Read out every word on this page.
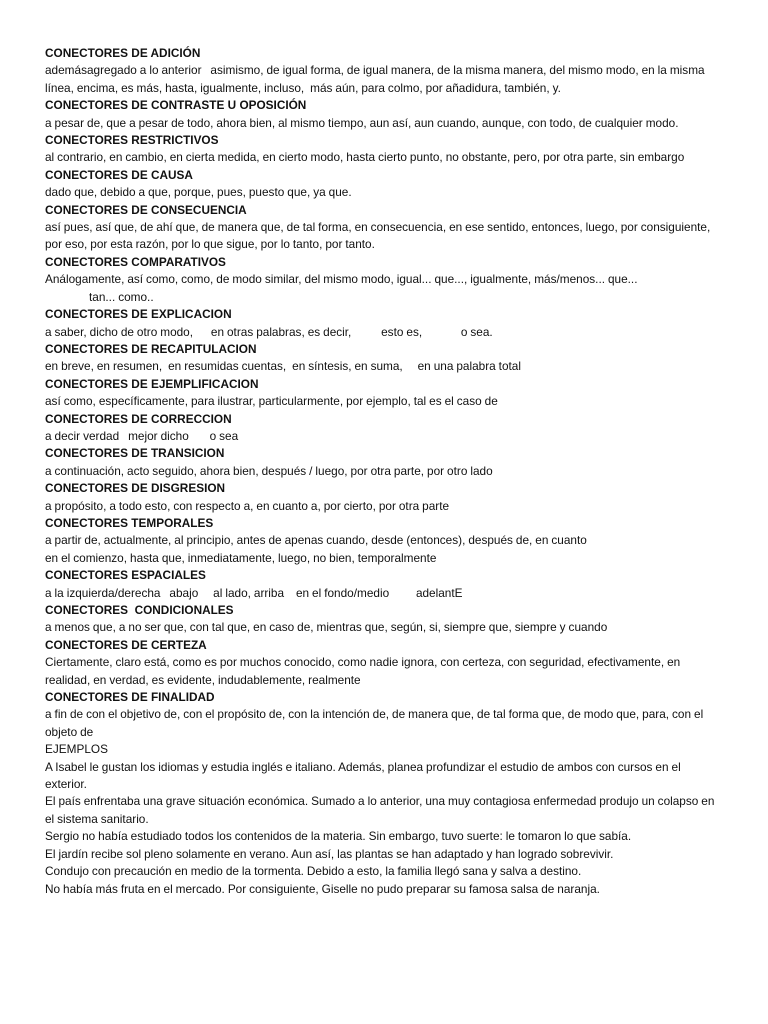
CONECTORES DE ADICIÓN

ademásagregado a lo anterior   asimismo, de igual forma, de igual manera, de la misma manera, del mismo modo, en la misma línea, encima, es más, hasta, igualmente, incluso,  más aún, para colmo, por añadidura, también, y.

CONECTORES DE CONTRASTE U OPOSICIÓN

a pesar de, que a pesar de todo, ahora bien, al mismo tiempo, aun así, aun cuando, aunque, con todo, de cualquier modo.

CONECTORES RESTRICTIVOS

al contrario, en cambio, en cierta medida, en cierto modo, hasta cierto punto, no obstante, pero, por otra parte, sin embargo

CONECTORES DE CAUSA

dado que, debido a que, porque, pues, puesto que, ya que.

CONECTORES DE CONSECUENCIA

así pues, así que, de ahí que, de manera que, de tal forma, en consecuencia, en ese sentido, entonces, luego, por consiguiente, por eso, por esta razón, por lo que sigue, por lo tanto, por tanto.

CONECTORES COMPARATIVOS

Análogamente, así como, como, de modo similar, del mismo modo, igual... que..., igualmente, más/menos... que...

tan... como..

CONECTORES DE EXPLICACION

a saber, dicho de otro modo,      en otras palabras, es decir,          esto es,             o sea.

CONECTORES DE RECAPITULACION

en breve, en resumen,  en resumidas cuentas,  en síntesis, en suma,     en una palabra total

CONECTORES DE EJEMPLIFICACION

así como, específicamente, para ilustrar, particularmente, por ejemplo, tal es el caso de

CONECTORES DE CORRECCION

a decir verdad   mejor dicho       o sea

CONECTORES DE TRANSICION

a continuación, acto seguido, ahora bien, después / luego, por otra parte, por otro lado

CONECTORES DE DISGRESION

a propósito, a todo esto, con respecto a, en cuanto a, por cierto, por otra parte

CONECTORES TEMPORALES

a partir de, actualmente, al principio, antes de apenas cuando, desde (entonces), después de, en cuanto

en el comienzo, hasta que, inmediatamente, luego, no bien, temporalmente

CONECTORES ESPACIALES

a la izquierda/derecha   abajo     al lado, arriba    en el fondo/medio         adelantE

CONECTORES  CONDICIONALES

a menos que, a no ser que, con tal que, en caso de, mientras que, según, si, siempre que, siempre y cuando

CONECTORES DE CERTEZA

Ciertamente, claro está, como es por muchos conocido, como nadie ignora, con certeza, con seguridad, efectivamente, en realidad, en verdad, es evidente, indudablemente, realmente

CONECTORES DE FINALIDAD

a fin de con el objetivo de, con el propósito de, con la intención de, de manera que, de tal forma que, de modo que, para, con el objeto de

EJEMPLOS

A Isabel le gustan los idiomas y estudia inglés e italiano. Además, planea profundizar el estudio de ambos con cursos en el exterior.

El país enfrentaba una grave situación económica. Sumado a lo anterior, una muy contagiosa enfermedad produjo un colapso en el sistema sanitario.

Sergio no había estudiado todos los contenidos de la materia. Sin embargo, tuvo suerte: le tomaron lo que sabía.

El jardín recibe sol pleno solamente en verano. Aun así, las plantas se han adaptado y han logrado sobrevivir.

Condujo con precaución en medio de la tormenta. Debido a esto, la familia llegó sana y salva a destino.

No había más fruta en el mercado. Por consiguiente, Giselle no pudo preparar su famosa salsa de naranja.
